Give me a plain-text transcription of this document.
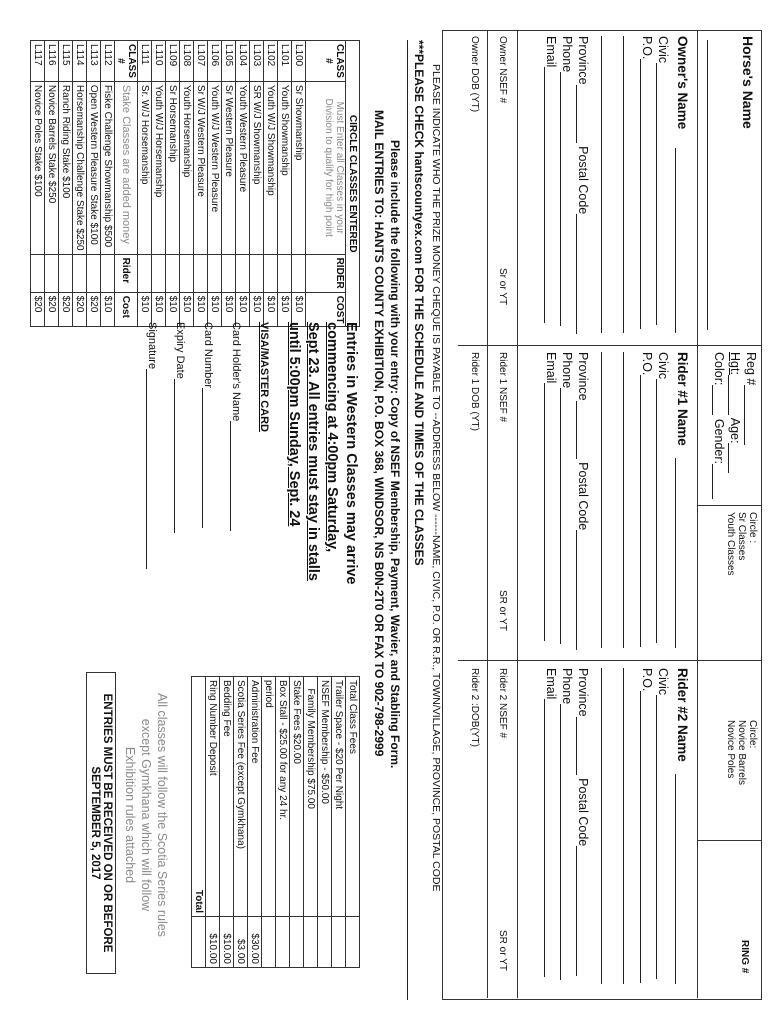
Horse's Name
Reg #
Hgt: Age:
Color: Gender:
Circle :
Sr Classes
Youth Classes
Circle:
Novice Barrels
Novice Poles
RING #
Owner's Name
Civic
P.O.
Province Postal Code
Phone
Email
Owner NSEF #
Sr or YT
Owner DOB (YT)
Rider #1 Name
Civic
P.O.
Province Postal Code
Phone
Email
Rider 1 NSEF #
SR or YT
Rider 1 DOB (YT)
Rider #2 Name
Civic
P.O.
Province Postal Code
Phone
Email
Rider 2 NSEF #
SR or YT
Rider 2 :DOB(YT)
PLEASE INDICATE WHO THE PRIZE MONEY CHEQUE IS PAYABLE TO --ADDRESS BELOW ------NAME, CIVIC, P.O. OR R.R., TOWN/VILLAGE, PROVINCE, POSTAL CODE
***PLEASE CHECK hantscountyex.com FOR THE SCHEDULE AND TIMES OF THE CLASSES
Please include the following with your entry: Copy of NSEF Membership, Payment, Wavier, and Stabling Form.
MAIL ENTRIES TO: HANTS COUNTY EXHIBITION, P.O. BOX 368, WINDSOR, NS B0N-2T0 OR FAX TO 902-798-2999
CIRCLE CLASSES ENTERED			
CLASS #	Must Enter all Classes in your Division to qualify for high point	RIDER	COST
L100	Sr Showmanship		$10
L101	Youth Showmanship		$10
L102	Youth W/J Showmanship		$10
L103	SR W/J Showmanship		$10
L104	Youth Western Pleasure		$10
L105	Sr Western Pleasure		$10
L106	Youth W/J Western Pleasure		$10
L107	Sr W/J Western Pleasure		$10
L108	Youth Horsemanship		$10
L109	Sr Horsemanship		$10
L110	Youth W/J Horsemanship		$10
L111	Sr. W/J Horsemanship		$10
CLASS #	Stake Classes are added money	Rider	Cost
L112	Fiske Challenge Showmanship $500		$10
L113	Open Western Pleasure Stake $100		$20
L114	Horsemanship Challenge Stake $250		$20
L115	Ranch Riding Stake $100		$20
L116	Novice Barrels Stake $250		$20
L117	Novice Poles Stake $100		$20
Entries in Western Classes may arrive
commencing at 4:00pm Saturday,
Sept 23. All entries must stay in stalls
until 5:00pm Sunday, Sept. 24
VISA/MASTER CARD
Card Holder's Name
Card Number
Expiry Date
Signature
Total Class Fees	
Trailer Space - $20 Per Night	
NSEF Membership - $50.00	
Family Membership $75.00	
Stake Fees $20.00	
Box Stall - $25.00 for any 24 hr.	
period	
Administration Fee	$30.00
Scotia Series Fee (except Gymkhana)	$3.00
Bedding Fee	$10.00
Ring Number Deposit	$10.00
Total	
All classes will follow the Scotia Series rules
except Gymkhana which will follow
Exhibition rules attached
ENTRIES MUST BE RECEIVED ON OR BEFORE
SEPTEMBER 5, 2017
